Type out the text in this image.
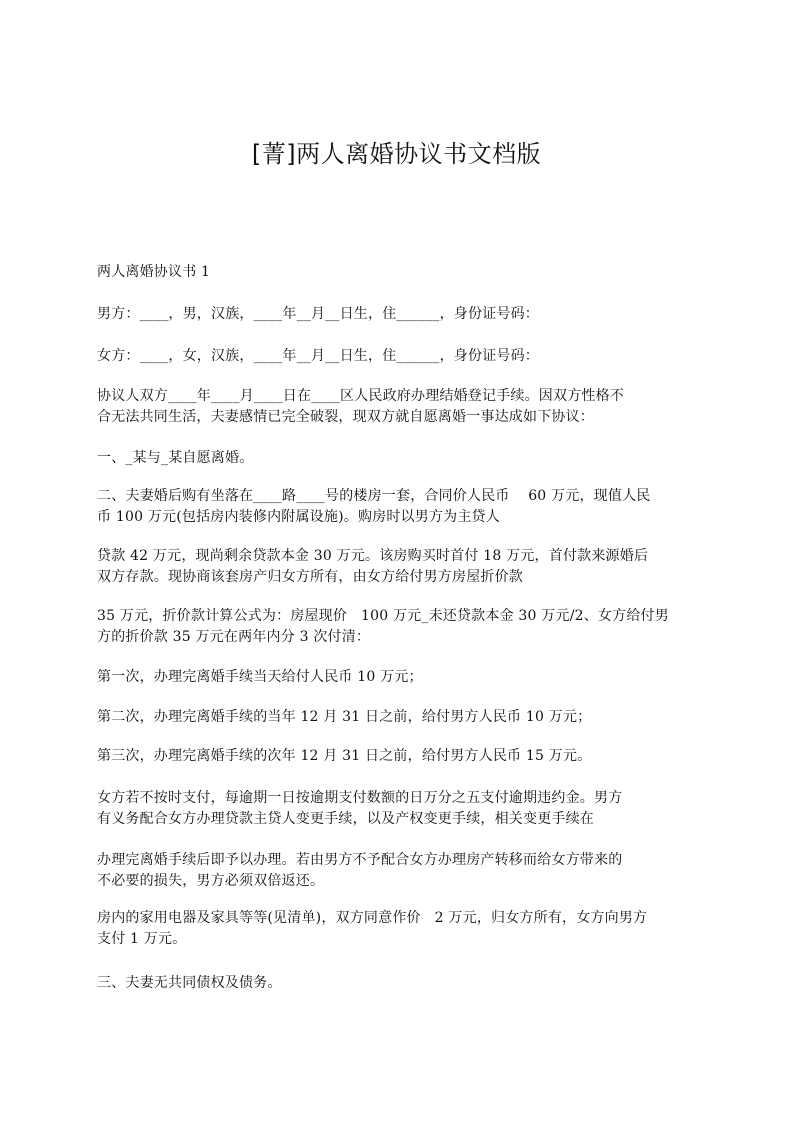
[菁]两人离婚协议书文档版
两人离婚协议书 1
男方：____，男，汉族，____年__月__日生，住______，身份证号码：
女方：____，女，汉族，____年__月__日生，住______，身份证号码：
协议人双方____年____月____日在____区人民政府办理结婚登记手续。因双方性格不
合无法共同生活，夫妻感情已完全破裂，现双方就自愿离婚一事达成如下协议：
一、_某与_某自愿离婚。
二、夫妻婚后购有坐落在____路____号的楼房一套，合同价人民币    60 万元，现值人民
币 100 万元(包括房内装修内附属设施)。购房时以男方为主贷人
贷款 42 万元，现尚剩余贷款本金 30 万元。该房购买时首付 18 万元，首付款来源婚后
双方存款。现协商该套房产归女方所有，由女方给付男方房屋折价款
35 万元，折价款计算公式为：房屋现价   100 万元_未还贷款本金 30 万元/2、女方给付男
方的折价款 35 万元在两年内分 3 次付清：
第一次，办理完离婚手续当天给付人民币 10 万元；
第二次，办理完离婚手续的当年 12 月 31 日之前，给付男方人民币 10 万元；
第三次，办理完离婚手续的次年 12 月 31 日之前，给付男方人民币 15 万元。
女方若不按时支付，每逾期一日按逾期支付数额的日万分之五支付逾期违约金。男方
有义务配合女方办理贷款主贷人变更手续，以及产权变更手续，相关变更手续在
办理完离婚手续后即予以办理。若由男方不予配合女方办理房产转移而给女方带来的
不必要的损失，男方必须双倍返还。
房内的家用电器及家具等等(见清单)，双方同意作价   2 万元，归女方所有，女方向男方
支付 1 万元。
三、夫妻无共同债权及债务。
